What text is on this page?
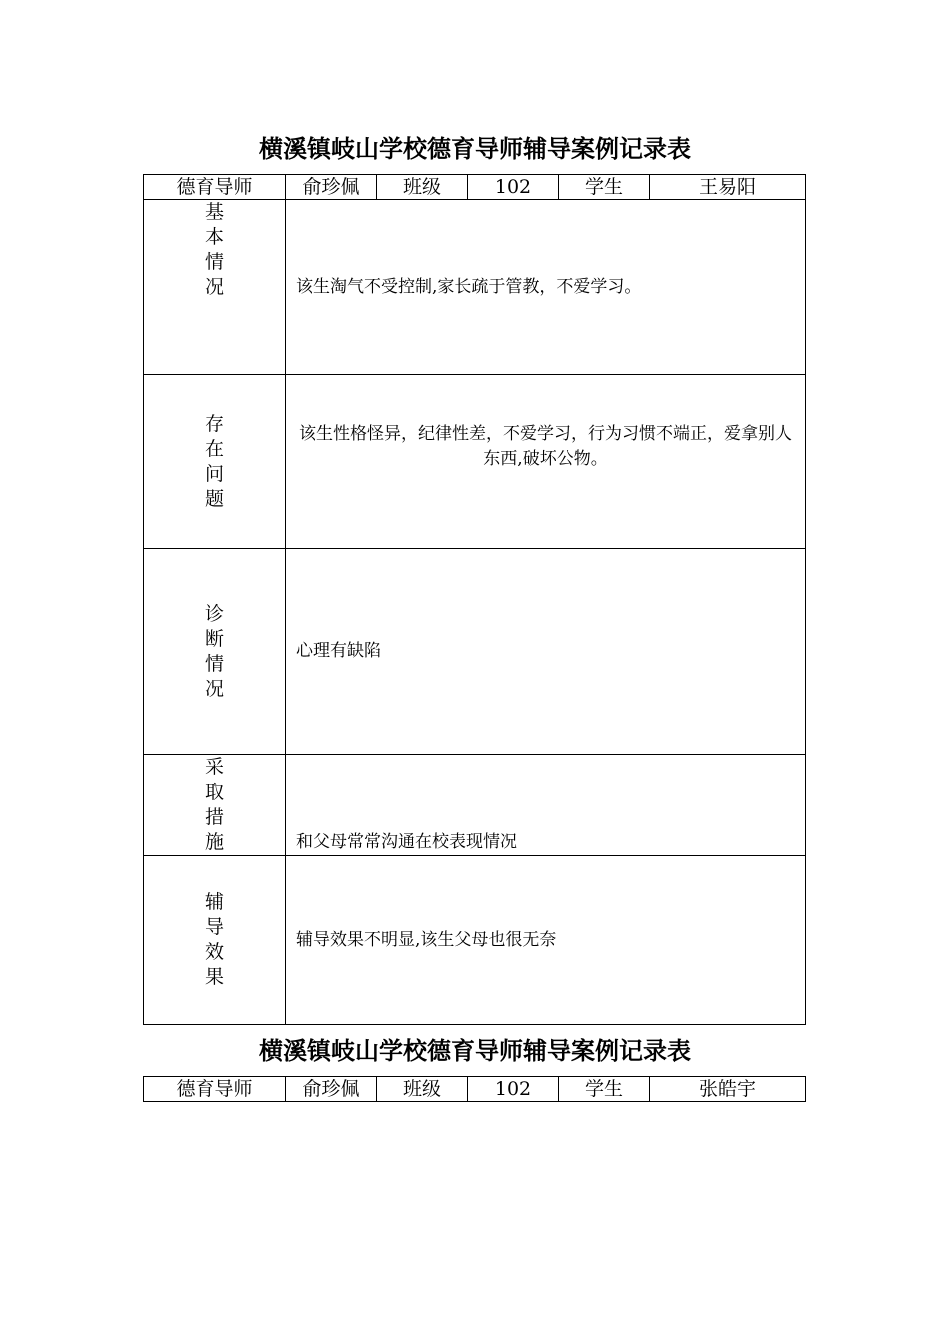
横溪镇岐山学校德育导师辅导案例记录表
德育导师	俞珍佩	班级	102	学生	王易阳

基
本
情
况	该生淘气不受控制,家长疏于管教，不爱学习。				

存
在
问
题	该生性格怪异，纪律性差，不爱学习，行为习惯不端正，爱拿别人东西,破坏公物。				

诊
断
情
况	心理有缺陷				

采
取
措
施	和父母常常沟通在校表现情况				

辅
导
效
果	辅导效果不明显,该生父母也很无奈				
横溪镇岐山学校德育导师辅导案例记录表
德育导师	俞珍佩	班级	102	学生	张皓宇
